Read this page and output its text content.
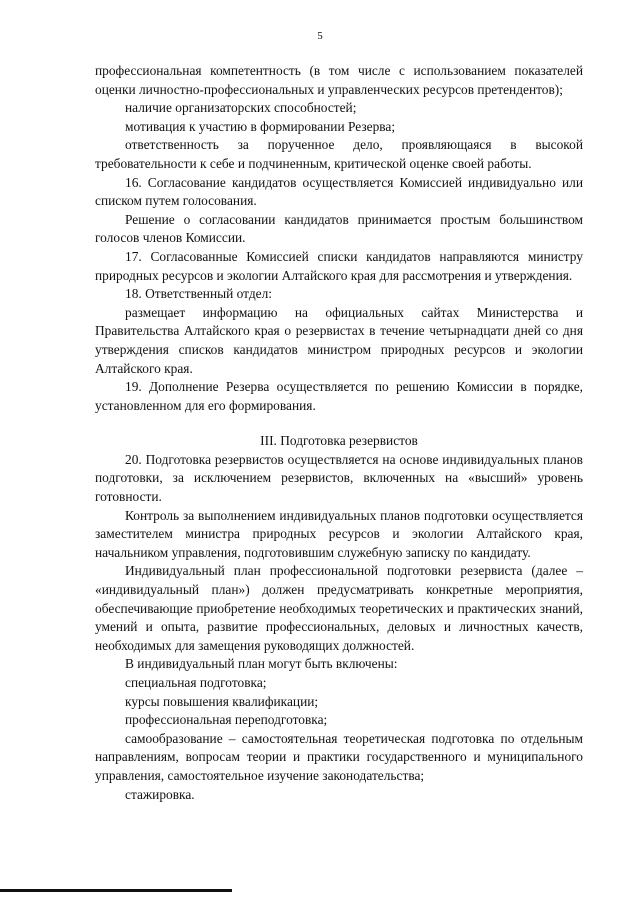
5

профессиональная компетентность (в том числе с использованием показателей оценки личностно-профессиональных и управленческих ресурсов претендентов);

наличие организаторских способностей;

мотивация к участию в формировании Резерва;

ответственность за порученное дело, проявляющаяся в высокой требовательности к себе и подчиненным, критической оценке своей работы.

16. Согласование кандидатов осуществляется Комиссией индивидуально или списком путем голосования.

Решение о согласовании кандидатов принимается простым большинством голосов членов Комиссии.

17. Согласованные Комиссией списки кандидатов направляются министру природных ресурсов и экологии Алтайского края для рассмотрения и утверждения.

18. Ответственный отдел:

размещает информацию на официальных сайтах Министерства и Правительства Алтайского края о резервистах в течение четырнадцати дней со дня утверждения списков кандидатов министром природных ресурсов и экологии Алтайского края.

19. Дополнение Резерва осуществляется по решению Комиссии в порядке, установленном для его формирования.

III. Подготовка резервистов

20. Подготовка резервистов осуществляется на основе индивидуальных планов подготовки, за исключением резервистов, включенных на «высший» уровень готовности.

Контроль за выполнением индивидуальных планов подготовки осуществляется заместителем министра природных ресурсов и экологии Алтайского края, начальником управления, подготовившим служебную записку по кандидату.

Индивидуальный план профессиональной подготовки резервиста (далее – «индивидуальный план») должен предусматривать конкретные мероприятия, обеспечивающие приобретение необходимых теоретических и практических знаний, умений и опыта, развитие профессиональных, деловых и личностных качеств, необходимых для замещения руководящих должностей.

В индивидуальный план могут быть включены:

специальная подготовка;

курсы повышения квалификации;

профессиональная переподготовка;

самообразование – самостоятельная теоретическая подготовка по отдельным направлениям, вопросам теории и практики государственного и муниципального управления, самостоятельное изучение законодательства;

стажировка.
